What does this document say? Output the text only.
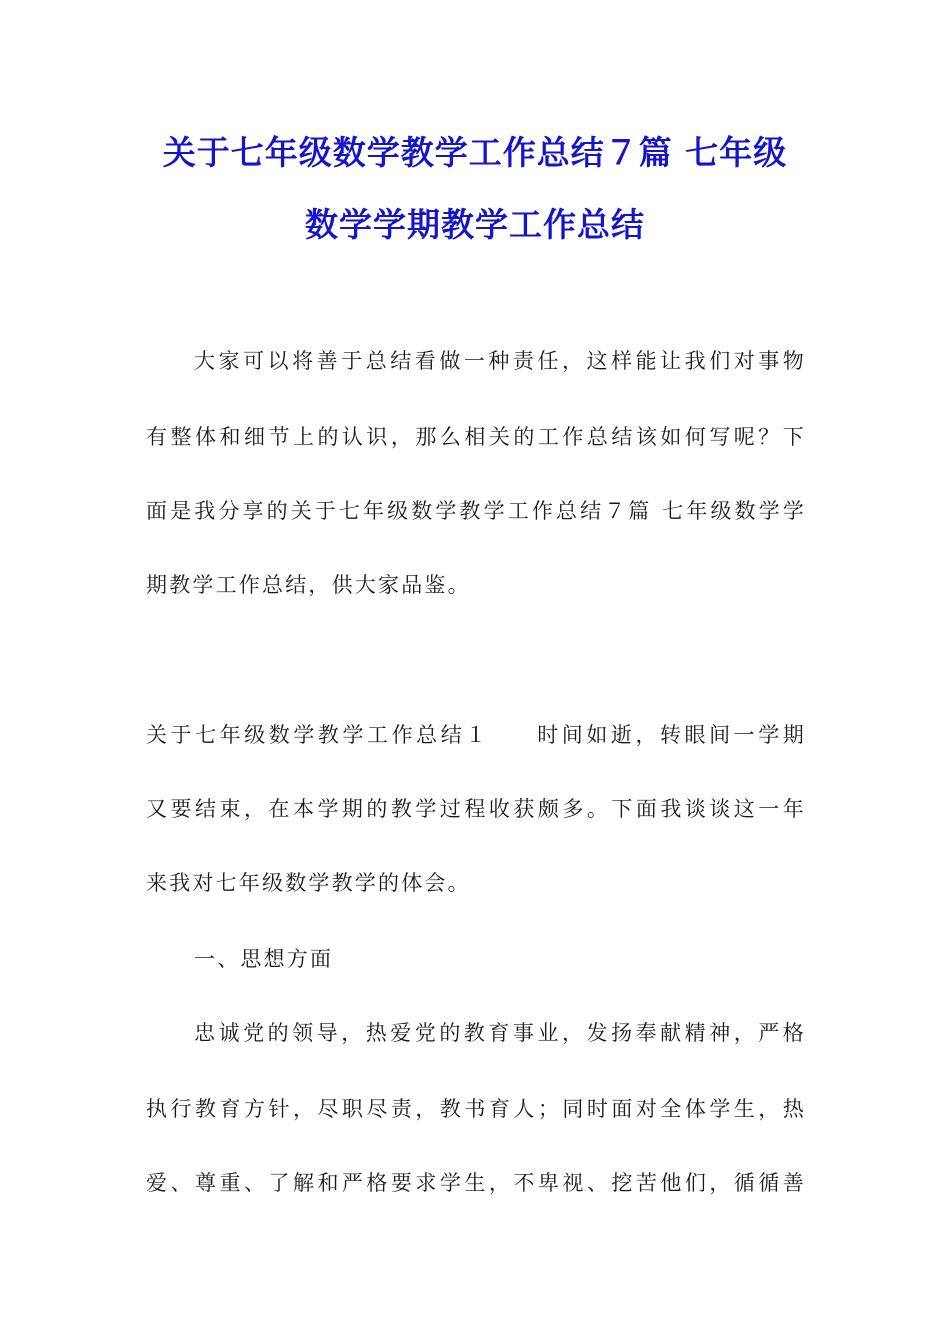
关于七年级数学教学工作总结７篇 七年级
数学学期教学工作总结
大家可以将善于总结看做一种责任，这样能让我们对事物
有整体和细节上的认识，那么相关的工作总结该如何写呢？下
面是我分享的关于七年级数学教学工作总结７篇 七年级数学学
期教学工作总结，供大家品鉴。
关于七年级数学教学工作总结１ 时间如逝，转眼间一学期
又要结束，在本学期的教学过程收获颇多。下面我谈谈这一年
来我对七年级数学教学的体会。
一、思想方面
忠诚党的领导，热爱党的教育事业，发扬奉献精神，严格
执行教育方针，尽职尽责，教书育人；同时面对全体学生，热
爱、尊重、了解和严格要求学生，不卑视、挖苦他们，循循善
